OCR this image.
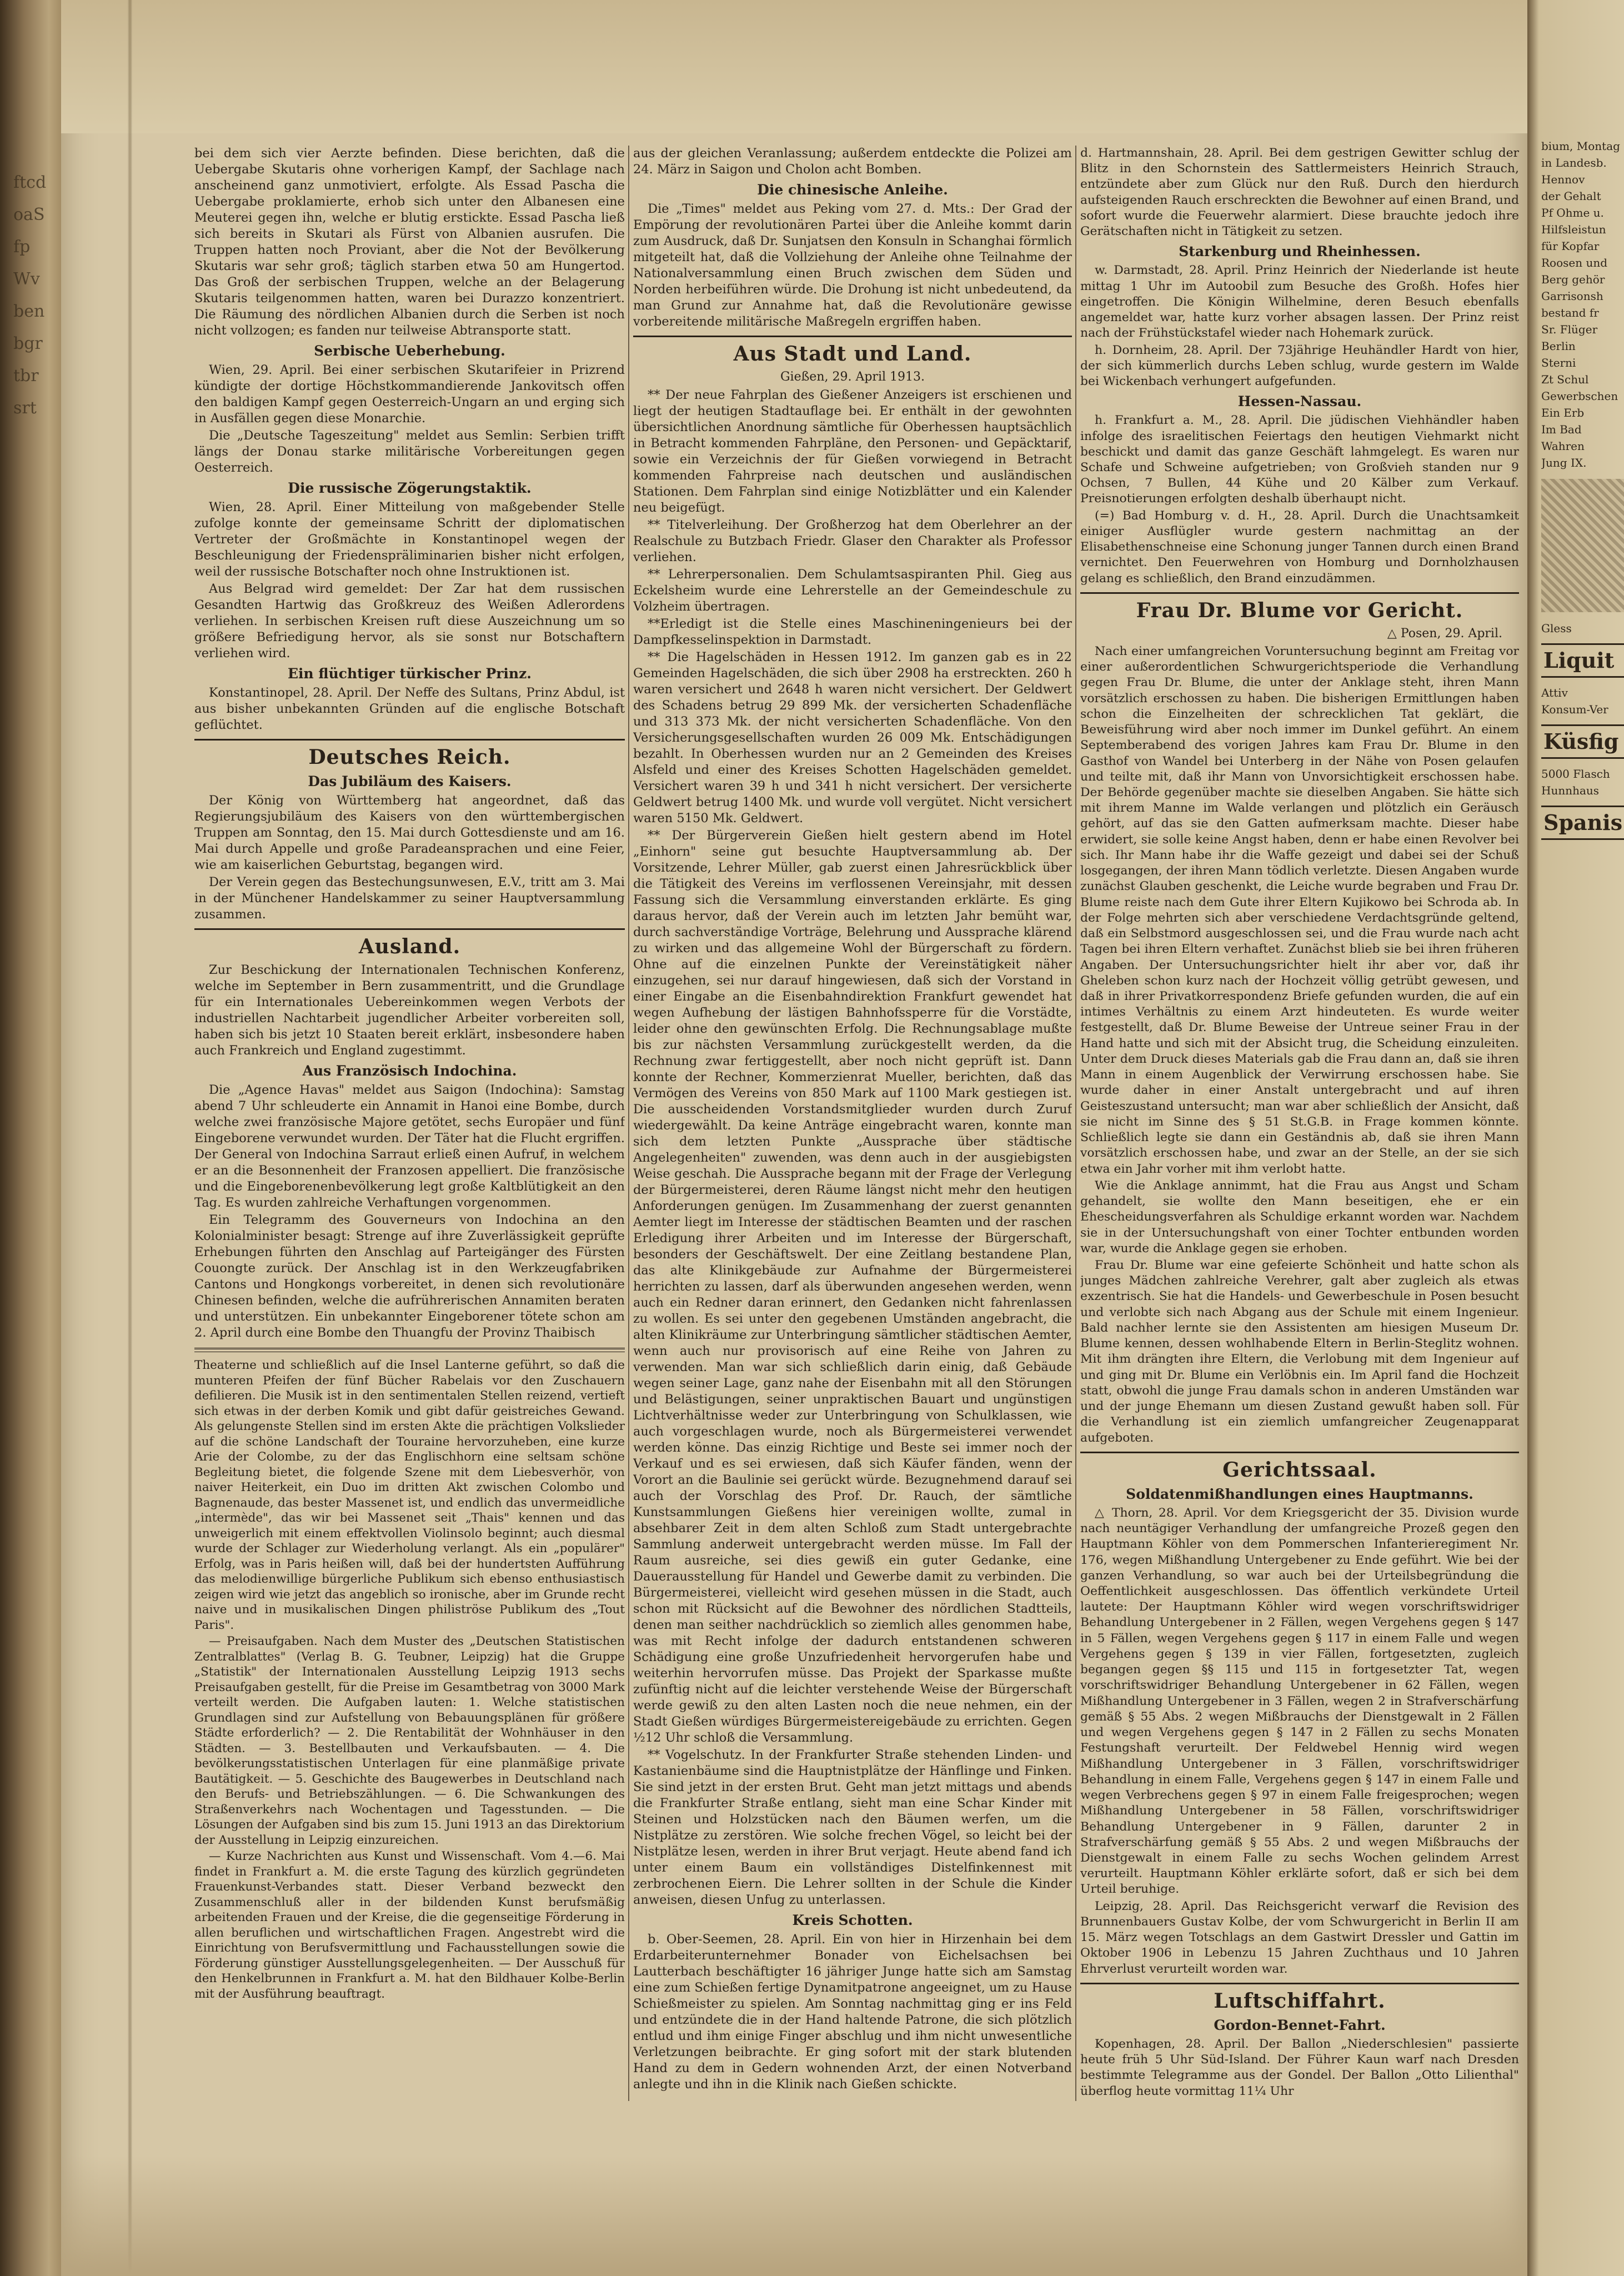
ftcdoaSfpWvbenbgrtbrsrt

bium, Montag

in Landesb.

Hennov

der Gehalt

Pf Ohme u.

Hilfsleistun

für Kopfar

Roosen und

Berg gehör

Garrisonsh

bestand fr

Sr. Flüger

Berlin

Sterni

Zt Schul

Gewerbschen

Ein Erb

Im Bad

Wahren

Jung IX.

Gless

Liquit

Attiv

Konsum-Ver

Küsfig

5000 Flasch

Hunnhaus

Spanis

bei dem sich vier Aerzte befinden. Diese berichten, daß die Uebergabe Skutaris ohne vorherigen Kampf, der Sachlage nach anscheinend ganz unmotiviert, erfolgte. Als Essad Pascha die Uebergabe proklamierte, erhob sich unter den Albanesen eine Meuterei gegen ihn, welche er blutig erstickte. Essad Pascha ließ sich bereits in Skutari als Fürst von Albanien ausrufen. Die Truppen hatten noch Proviant, aber die Not der Bevölkerung Skutaris war sehr groß; täglich starben etwa 50 am Hungertod. Das Groß der serbischen Truppen, welche an der Belagerung Skutaris teilgenommen hatten, waren bei Durazzo konzentriert. Die Räumung des nördlichen Albanien durch die Serben ist noch nicht vollzogen; es fanden nur teilweise Abtransporte statt.

Serbische Ueberhebung.

Wien, 29. April. Bei einer serbischen Skutarifeier in Prizrend kündigte der dortige Höchstkommandierende Jankovitsch offen den baldigen Kampf gegen Oesterreich-Ungarn an und erging sich in Ausfällen gegen diese Monarchie.

Die „Deutsche Tageszeitung" meldet aus Semlin: Serbien trifft längs der Donau starke militärische Vorbereitungen gegen Oesterreich.

Die russische Zögerungstaktik.

Wien, 28. April. Einer Mitteilung von maßgebender Stelle zufolge konnte der gemeinsame Schritt der diplomatischen Vertreter der Großmächte in Konstantinopel wegen der Beschleunigung der Friedenspräliminarien bisher nicht erfolgen, weil der russische Botschafter noch ohne Instruktionen ist.

Aus Belgrad wird gemeldet: Der Zar hat dem russischen Gesandten Hartwig das Großkreuz des Weißen Adlerordens verliehen. In serbischen Kreisen ruft diese Auszeichnung um so größere Befriedigung hervor, als sie sonst nur Botschaftern verliehen wird.

Ein flüchtiger türkischer Prinz.

Konstantinopel, 28. April. Der Neffe des Sultans, Prinz Abdul, ist aus bisher unbekannten Gründen auf die englische Botschaft geflüchtet.

Deutsches Reich.
Das Jubiläum des Kaisers.

Der König von Württemberg hat angeordnet, daß das Regierungsjubiläum des Kaisers von den württembergischen Truppen am Sonntag, den 15. Mai durch Gottesdienste und am 16. Mai durch Appelle und große Paradeansprachen und eine Feier, wie am kaiserlichen Geburtstag, begangen wird.

Der Verein gegen das Bestechungsunwesen, E.V., tritt am 3. Mai in der Münchener Handelskammer zu seiner Hauptversammlung zusammen.

Ausland.

Zur Beschickung der Internationalen Technischen Konferenz, welche im September in Bern zusammentritt, und die Grundlage für ein Internationales Uebereinkommen wegen Verbots der industriellen Nachtarbeit jugendlicher Arbeiter vorbereiten soll, haben sich bis jetzt 10 Staaten bereit erklärt, insbesondere haben auch Frankreich und England zugestimmt.

Aus Französisch Indochina.

Die „Agence Havas" meldet aus Saigon (Indochina): Samstag abend 7 Uhr schleuderte ein Annamit in Hanoi eine Bombe, durch welche zwei französische Majore getötet, sechs Europäer und fünf Eingeborene verwundet wurden. Der Täter hat die Flucht ergriffen. Der General von Indochina Sarraut erließ einen Aufruf, in welchem er an die Besonnenheit der Franzosen appelliert. Die französische und die Eingeborenenbevölkerung legt große Kaltblütigkeit an den Tag. Es wurden zahlreiche Verhaftungen vorgenommen.

Ein Telegramm des Gouverneurs von Indochina an den Kolonialminister besagt: Strenge auf ihre Zuverlässigkeit geprüfte Erhebungen führten den Anschlag auf Parteigänger des Fürsten Couongte zurück. Der Anschlag ist in den Werkzeugfabriken Cantons und Hongkongs vorbereitet, in denen sich revolutionäre Chinesen befinden, welche die aufrührerischen Annamiten beraten und unterstützen. Ein unbekannter Eingeborener tötete schon am 2. April durch eine Bombe den Thuangfu der Provinz Thaibisch

Theaterne und schließlich auf die Insel Lanterne geführt, so daß die munteren Pfeifen der fünf Bücher Rabelais vor den Zuschauern defilieren. Die Musik ist in den sentimentalen Stellen reizend, vertieft sich etwas in der derben Komik und gibt dafür geistreiches Gewand. Als gelungenste Stellen sind im ersten Akte die prächtigen Volkslieder auf die schöne Landschaft der Touraine hervorzuheben, eine kurze Arie der Colombe, zu der das Englischhorn eine seltsam schöne Begleitung bietet, die folgende Szene mit dem Liebesverhör, von naiver Heiterkeit, ein Duo im dritten Akt zwischen Colombo und Bagnenaude, das bester Massenet ist, und endlich das unvermeidliche „intermède", das wir bei Massenet seit „Thais" kennen und das unweigerlich mit einem effektvollen Violinsolo beginnt; auch diesmal wurde der Schlager zur Wiederholung verlangt. Als ein „populärer" Erfolg, was in Paris heißen will, daß bei der hundertsten Aufführung das melodienwillige bürgerliche Publikum sich ebenso enthusiastisch zeigen wird wie jetzt das angeblich so ironische, aber im Grunde recht naive und in musikalischen Dingen philiströse Publikum des „Tout Paris".

— Preisaufgaben. Nach dem Muster des „Deutschen Statistischen Zentralblattes" (Verlag B. G. Teubner, Leipzig) hat die Gruppe „Statistik" der Internationalen Ausstellung Leipzig 1913 sechs Preisaufgaben gestellt, für die Preise im Gesamtbetrag von 3000 Mark verteilt werden. Die Aufgaben lauten: 1. Welche statistischen Grundlagen sind zur Aufstellung von Bebauungsplänen für größere Städte erforderlich? — 2. Die Rentabilität der Wohnhäuser in den Städten. — 3. Bestellbauten und Verkaufsbauten. — 4. Die bevölkerungsstatistischen Unterlagen für eine planmäßige private Bautätigkeit. — 5. Geschichte des Baugewerbes in Deutschland nach den Berufs- und Betriebszählungen. — 6. Die Schwankungen des Straßenverkehrs nach Wochentagen und Tagesstunden. — Die Lösungen der Aufgaben sind bis zum 15. Juni 1913 an das Direktorium der Ausstellung in Leipzig einzureichen.

— Kurze Nachrichten aus Kunst und Wissenschaft. Vom 4.—6. Mai findet in Frankfurt a. M. die erste Tagung des kürzlich gegründeten Frauenkunst-Verbandes statt. Dieser Verband bezweckt den Zusammenschluß aller in der bildenden Kunst berufsmäßig arbeitenden Frauen und der Kreise, die die gegenseitige Förderung in allen beruflichen und wirtschaftlichen Fragen. Angestrebt wird die Einrichtung von Berufsvermittlung und Fachausstellungen sowie die Förderung günstiger Ausstellungsgelegenheiten. — Der Ausschuß für den Henkelbrunnen in Frankfurt a. M. hat den Bildhauer Kolbe-Berlin mit der Ausführung beauftragt.

aus der gleichen Veranlassung; außerdem entdeckte die Polizei am 24. März in Saigon und Cholon acht Bomben.

Die chinesische Anleihe.

Die „Times" meldet aus Peking vom 27. d. Mts.: Der Grad der Empörung der revolutionären Partei über die Anleihe kommt darin zum Ausdruck, daß Dr. Sunjatsen den Konsuln in Schanghai förmlich mitgeteilt hat, daß die Vollziehung der Anleihe ohne Teilnahme der Nationalversammlung einen Bruch zwischen dem Süden und Norden herbeiführen würde. Die Drohung ist nicht unbedeutend, da man Grund zur Annahme hat, daß die Revolutionäre gewisse vorbereitende militärische Maßregeln ergriffen haben.

Aus Stadt und Land.
Gießen, 29. April 1913.

** Der neue Fahrplan des Gießener Anzeigers ist erschienen und liegt der heutigen Stadtauflage bei. Er enthält in der gewohnten übersichtlichen Anordnung sämtliche für Oberhessen hauptsächlich in Betracht kommenden Fahrpläne, den Personen- und Gepäcktarif, sowie ein Verzeichnis der für Gießen vorwiegend in Betracht kommenden Fahrpreise nach deutschen und ausländischen Stationen. Dem Fahrplan sind einige Notizblätter und ein Kalender neu beigefügt.

** Titelverleihung. Der Großherzog hat dem Oberlehrer an der Realschule zu Butzbach Friedr. Glaser den Charakter als Professor verliehen.

** Lehrerpersonalien. Dem Schulamtsaspiranten Phil. Gieg aus Eckelsheim wurde eine Lehrerstelle an der Gemeindeschule zu Volzheim übertragen.

**Erledigt ist die Stelle eines Maschineningenieurs bei der Dampfkesselinspektion in Darmstadt.

** Die Hagelschäden in Hessen 1912. Im ganzen gab es in 22 Gemeinden Hagelschäden, die sich über 2908 ha erstreckten. 260 h waren versichert und 2648 h waren nicht versichert. Der Geldwert des Schadens betrug 29 899 Mk. der versicherten Schadenfläche und 313 373 Mk. der nicht versicherten Schadenfläche. Von den Versicherungsgesellschaften wurden 26 009 Mk. Entschädigungen bezahlt. In Oberhessen wurden nur an 2 Gemeinden des Kreises Alsfeld und einer des Kreises Schotten Hagelschäden gemeldet. Versichert waren 39 h und 341 h nicht versichert. Der versicherte Geldwert betrug 1400 Mk. und wurde voll vergütet. Nicht versichert waren 5150 Mk. Geldwert.

** Der Bürgerverein Gießen hielt gestern abend im Hotel „Einhorn" seine gut besuchte Hauptversammlung ab. Der Vorsitzende, Lehrer Müller, gab zuerst einen Jahresrückblick über die Tätigkeit des Vereins im verflossenen Vereinsjahr, mit dessen Fassung sich die Versammlung einverstanden erklärte. Es ging daraus hervor, daß der Verein auch im letzten Jahr bemüht war, durch sachverständige Vorträge, Belehrung und Aussprache klärend zu wirken und das allgemeine Wohl der Bürgerschaft zu fördern. Ohne auf die einzelnen Punkte der Vereinstätigkeit näher einzugehen, sei nur darauf hingewiesen, daß sich der Vorstand in einer Eingabe an die Eisenbahndirektion Frankfurt gewendet hat wegen Aufhebung der lästigen Bahnhofssperre für die Vorstädte, leider ohne den gewünschten Erfolg. Die Rechnungsablage mußte bis zur nächsten Versammlung zurückgestellt werden, da die Rechnung zwar fertiggestellt, aber noch nicht geprüft ist. Dann konnte der Rechner, Kommerzienrat Mueller, berichten, daß das Vermögen des Vereins von 850 Mark auf 1100 Mark gestiegen ist. Die ausscheidenden Vorstandsmitglieder wurden durch Zuruf wiedergewählt. Da keine Anträge eingebracht waren, konnte man sich dem letzten Punkte „Aussprache über städtische Angelegenheiten" zuwenden, was denn auch in der ausgiebigsten Weise geschah. Die Aussprache begann mit der Frage der Verlegung der Bürgermeisterei, deren Räume längst nicht mehr den heutigen Anforderungen genügen. Im Zusammenhang der zuerst genannten Aemter liegt im Interesse der städtischen Beamten und der raschen Erledigung ihrer Arbeiten und im Interesse der Bürgerschaft, besonders der Geschäftswelt. Der eine Zeitlang bestandene Plan, das alte Klinikgebäude zur Aufnahme der Bürgermeisterei herrichten zu lassen, darf als überwunden angesehen werden, wenn auch ein Redner daran erinnert, den Gedanken nicht fahrenlassen zu wollen. Es sei unter den gegebenen Umständen angebracht, die alten Klinikräume zur Unterbringung sämtlicher städtischen Aemter, wenn auch nur provisorisch auf eine Reihe von Jahren zu verwenden. Man war sich schließlich darin einig, daß Gebäude wegen seiner Lage, ganz nahe der Eisenbahn mit all den Störungen und Belästigungen, seiner unpraktischen Bauart und ungünstigen Lichtverhältnisse weder zur Unterbringung von Schulklassen, wie auch vorgeschlagen wurde, noch als Bürgermeisterei verwendet werden könne. Das einzig Richtige und Beste sei immer noch der Verkauf und es sei erwiesen, daß sich Käufer fänden, wenn der Vorort an die Baulinie sei gerückt würde. Bezugnehmend darauf sei auch der Vorschlag des Prof. Dr. Rauch, der sämtliche Kunstsammlungen Gießens hier vereinigen wollte, zumal in absehbarer Zeit in dem alten Schloß zum Stadt untergebrachte Sammlung anderweit untergebracht werden müsse. Im Fall der Raum ausreiche, sei dies gewiß ein guter Gedanke, eine Dauerausstellung für Handel und Gewerbe damit zu verbinden. Die Bürgermeisterei, vielleicht wird gesehen müssen in die Stadt, auch schon mit Rücksicht auf die Bewohner des nördlichen Stadtteils, denen man seither nachdrücklich so ziemlich alles genommen habe, was mit Recht infolge der dadurch entstandenen schweren Schädigung eine große Unzufriedenheit hervorgerufen habe und weiterhin hervorrufen müsse. Das Projekt der Sparkasse mußte zufünftig nicht auf die leichter verstehende Weise der Bürgerschaft werde gewiß zu den alten Lasten noch die neue nehmen, ein der Stadt Gießen würdiges Bürgermeistereigebäude zu errichten. Gegen ½12 Uhr schloß die Versammlung.

** Vogelschutz. In der Frankfurter Straße stehenden Linden- und Kastanienbäume sind die Hauptnistplätze der Hänflinge und Finken. Sie sind jetzt in der ersten Brut. Geht man jetzt mittags und abends die Frankfurter Straße entlang, sieht man eine Schar Kinder mit Steinen und Holzstücken nach den Bäumen werfen, um die Nistplätze zu zerstören. Wie solche frechen Vögel, so leicht bei der Nistplätze lesen, werden in ihrer Brut verjagt. Heute abend fand ich unter einem Baum ein vollständiges Distelfinkennest mit zerbrochenen Eiern. Die Lehrer sollten in der Schule die Kinder anweisen, diesen Unfug zu unterlassen.

Kreis Schotten.

b. Ober-Seemen, 28. April. Ein von hier in Hirzenhain bei dem Erdarbeiterunternehmer Bonader von Eichelsachsen bei Lautterbach beschäftigter 16 jähriger Junge hatte sich am Samstag eine zum Schießen fertige Dynamitpatrone angeeignet, um zu Hause Schießmeister zu spielen. Am Sonntag nachmittag ging er ins Feld und entzündete die in der Hand haltende Patrone, die sich plötzlich entlud und ihm einige Finger abschlug und ihm nicht unwesentliche Verletzungen beibrachte. Er ging sofort mit der stark blutenden Hand zu dem in Gedern wohnenden Arzt, der einen Notverband anlegte und ihn in die Klinik nach Gießen schickte.

d. Hartmannshain, 28. April. Bei dem gestrigen Gewitter schlug der Blitz in den Schornstein des Sattlermeisters Heinrich Strauch, entzündete aber zum Glück nur den Ruß. Durch den hierdurch aufsteigenden Rauch erschreckten die Bewohner auf einen Brand, und sofort wurde die Feuerwehr alarmiert. Diese brauchte jedoch ihre Gerätschaften nicht in Tätigkeit zu setzen.

Starkenburg und Rheinhessen.

w. Darmstadt, 28. April. Prinz Heinrich der Niederlande ist heute mittag 1 Uhr im Autoobil zum Besuche des Großh. Hofes hier eingetroffen. Die Königin Wilhelmine, deren Besuch ebenfalls angemeldet war, hatte kurz vorher absagen lassen. Der Prinz reist nach der Frühstückstafel wieder nach Hohemark zurück.

h. Dornheim, 28. April. Der 73jährige Heuhändler Hardt von hier, der sich kümmerlich durchs Leben schlug, wurde gestern im Walde bei Wickenbach verhungert aufgefunden.

Hessen-Nassau.

h. Frankfurt a. M., 28. April. Die jüdischen Viehhändler haben infolge des israelitischen Feiertags den heutigen Viehmarkt nicht beschickt und damit das ganze Geschäft lahmgelegt. Es waren nur Schafe und Schweine aufgetrieben; von Großvieh standen nur 9 Ochsen, 7 Bullen, 44 Kühe und 20 Kälber zum Verkauf. Preisnotierungen erfolgten deshalb überhaupt nicht.

(=) Bad Homburg v. d. H., 28. April. Durch die Unachtsamkeit einiger Ausflügler wurde gestern nachmittag an der Elisabethenschneise eine Schonung junger Tannen durch einen Brand vernichtet. Den Feuerwehren von Homburg und Dornholzhausen gelang es schließlich, den Brand einzudämmen.

Frau Dr. Blume vor Gericht.
△ Posen, 29. April.

Nach einer umfangreichen Voruntersuchung beginnt am Freitag vor einer außerordentlichen Schwurgerichtsperiode die Verhandlung gegen Frau Dr. Blume, die unter der Anklage steht, ihren Mann vorsätzlich erschossen zu haben. Die bisherigen Ermittlungen haben schon die Einzelheiten der schrecklichen Tat geklärt, die Beweisführung wird aber noch immer im Dunkel geführt. An einem Septemberabend des vorigen Jahres kam Frau Dr. Blume in den Gasthof von Wandel bei Unterberg in der Nähe von Posen gelaufen und teilte mit, daß ihr Mann von Unvorsichtigkeit erschossen habe. Der Behörde gegenüber machte sie dieselben Angaben. Sie hätte sich mit ihrem Manne im Walde verlangen und plötzlich ein Geräusch gehört, auf das sie den Gatten aufmerksam machte. Dieser habe erwidert, sie solle keine Angst haben, denn er habe einen Revolver bei sich. Ihr Mann habe ihr die Waffe gezeigt und dabei sei der Schuß losgegangen, der ihren Mann tödlich verletzte. Diesen Angaben wurde zunächst Glauben geschenkt, die Leiche wurde begraben und Frau Dr. Blume reiste nach dem Gute ihrer Eltern Kujikowo bei Schroda ab. In der Folge mehrten sich aber verschiedene Verdachtsgründe geltend, daß ein Selbstmord ausgeschlossen sei, und die Frau wurde nach acht Tagen bei ihren Eltern verhaftet. Zunächst blieb sie bei ihren früheren Angaben. Der Untersuchungsrichter hielt ihr aber vor, daß ihr Gheleben schon kurz nach der Hochzeit völlig getrübt gewesen, und daß in ihrer Privatkorrespondenz Briefe gefunden wurden, die auf ein intimes Verhältnis zu einem Arzt hindeuteten. Es wurde weiter festgestellt, daß Dr. Blume Beweise der Untreue seiner Frau in der Hand hatte und sich mit der Absicht trug, die Scheidung einzuleiten. Unter dem Druck dieses Materials gab die Frau dann an, daß sie ihren Mann in einem Augenblick der Verwirrung erschossen habe. Sie wurde daher in einer Anstalt untergebracht und auf ihren Geisteszustand untersucht; man war aber schließlich der Ansicht, daß sie nicht im Sinne des § 51 St.G.B. in Frage kommen könnte. Schließlich legte sie dann ein Geständnis ab, daß sie ihren Mann vorsätzlich erschossen habe, und zwar an der Stelle, an der sie sich etwa ein Jahr vorher mit ihm verlobt hatte.

Wie die Anklage annimmt, hat die Frau aus Angst und Scham gehandelt, sie wollte den Mann beseitigen, ehe er ein Ehescheidungsverfahren als Schuldige erkannt worden war. Nachdem sie in der Untersuchungshaft von einer Tochter entbunden worden war, wurde die Anklage gegen sie erhoben.

Frau Dr. Blume war eine gefeierte Schönheit und hatte schon als junges Mädchen zahlreiche Verehrer, galt aber zugleich als etwas exzentrisch. Sie hat die Handels- und Gewerbeschule in Posen besucht und verlobte sich nach Abgang aus der Schule mit einem Ingenieur. Bald nachher lernte sie den Assistenten am hiesigen Museum Dr. Blume kennen, dessen wohlhabende Eltern in Berlin-Steglitz wohnen. Mit ihm drängten ihre Eltern, die Verlobung mit dem Ingenieur auf und ging mit Dr. Blume ein Verlöbnis ein. Im April fand die Hochzeit statt, obwohl die junge Frau damals schon in anderen Umständen war und der junge Ehemann um diesen Zustand gewußt haben soll. Für die Verhandlung ist ein ziemlich umfangreicher Zeugenapparat aufgeboten.

Gerichtssaal.
Soldatenmißhandlungen eines Hauptmanns.

△ Thorn, 28. April. Vor dem Kriegsgericht der 35. Division wurde nach neuntägiger Verhandlung der umfangreiche Prozeß gegen den Hauptmann Köhler von dem Pommerschen Infanterieregiment Nr. 176, wegen Mißhandlung Untergebener zu Ende geführt. Wie bei der ganzen Verhandlung, so war auch bei der Urteilsbegründung die Oeffentlichkeit ausgeschlossen. Das öffentlich verkündete Urteil lautete: Der Hauptmann Köhler wird wegen vorschriftswidriger Behandlung Untergebener in 2 Fällen, wegen Vergehens gegen § 147 in 5 Fällen, wegen Vergehens gegen § 117 in einem Falle und wegen Vergehens gegen § 139 in vier Fällen, fortgesetzten, zugleich begangen gegen §§ 115 und 115 in fortgesetzter Tat, wegen vorschriftswidriger Behandlung Untergebener in 62 Fällen, wegen Mißhandlung Untergebener in 3 Fällen, wegen 2 in Strafverschärfung gemäß § 55 Abs. 2 wegen Mißbrauchs der Dienstgewalt in 2 Fällen und wegen Vergehens gegen § 147 in 2 Fällen zu sechs Monaten Festungshaft verurteilt. Der Feldwebel Hennig wird wegen Mißhandlung Untergebener in 3 Fällen, vorschriftswidriger Behandlung in einem Falle, Vergehens gegen § 147 in einem Falle und wegen Verbrechens gegen § 97 in einem Falle freigesprochen; wegen Mißhandlung Untergebener in 58 Fällen, vorschriftswidriger Behandlung Untergebener in 9 Fällen, darunter 2 in Strafverschärfung gemäß § 55 Abs. 2 und wegen Mißbrauchs der Dienstgewalt in einem Falle zu sechs Wochen gelindem Arrest verurteilt. Hauptmann Köhler erklärte sofort, daß er sich bei dem Urteil beruhige.

Leipzig, 28. April. Das Reichsgericht verwarf die Revision des Brunnenbauers Gustav Kolbe, der vom Schwurgericht in Berlin II am 15. März wegen Totschlags an dem Gastwirt Dressler und Gattin im Oktober 1906 in Lebenzu 15 Jahren Zuchthaus und 10 Jahren Ehrverlust verurteilt worden war.

Luftschiffahrt.
Gordon-Bennet-Fahrt.

Kopenhagen, 28. April. Der Ballon „Niederschlesien" passierte heute früh 5 Uhr Süd-Island. Der Führer Kaun warf nach Dresden bestimmte Telegramme aus der Gondel. Der Ballon „Otto Lilienthal" überflog heute vormittag 11¼ Uhr
